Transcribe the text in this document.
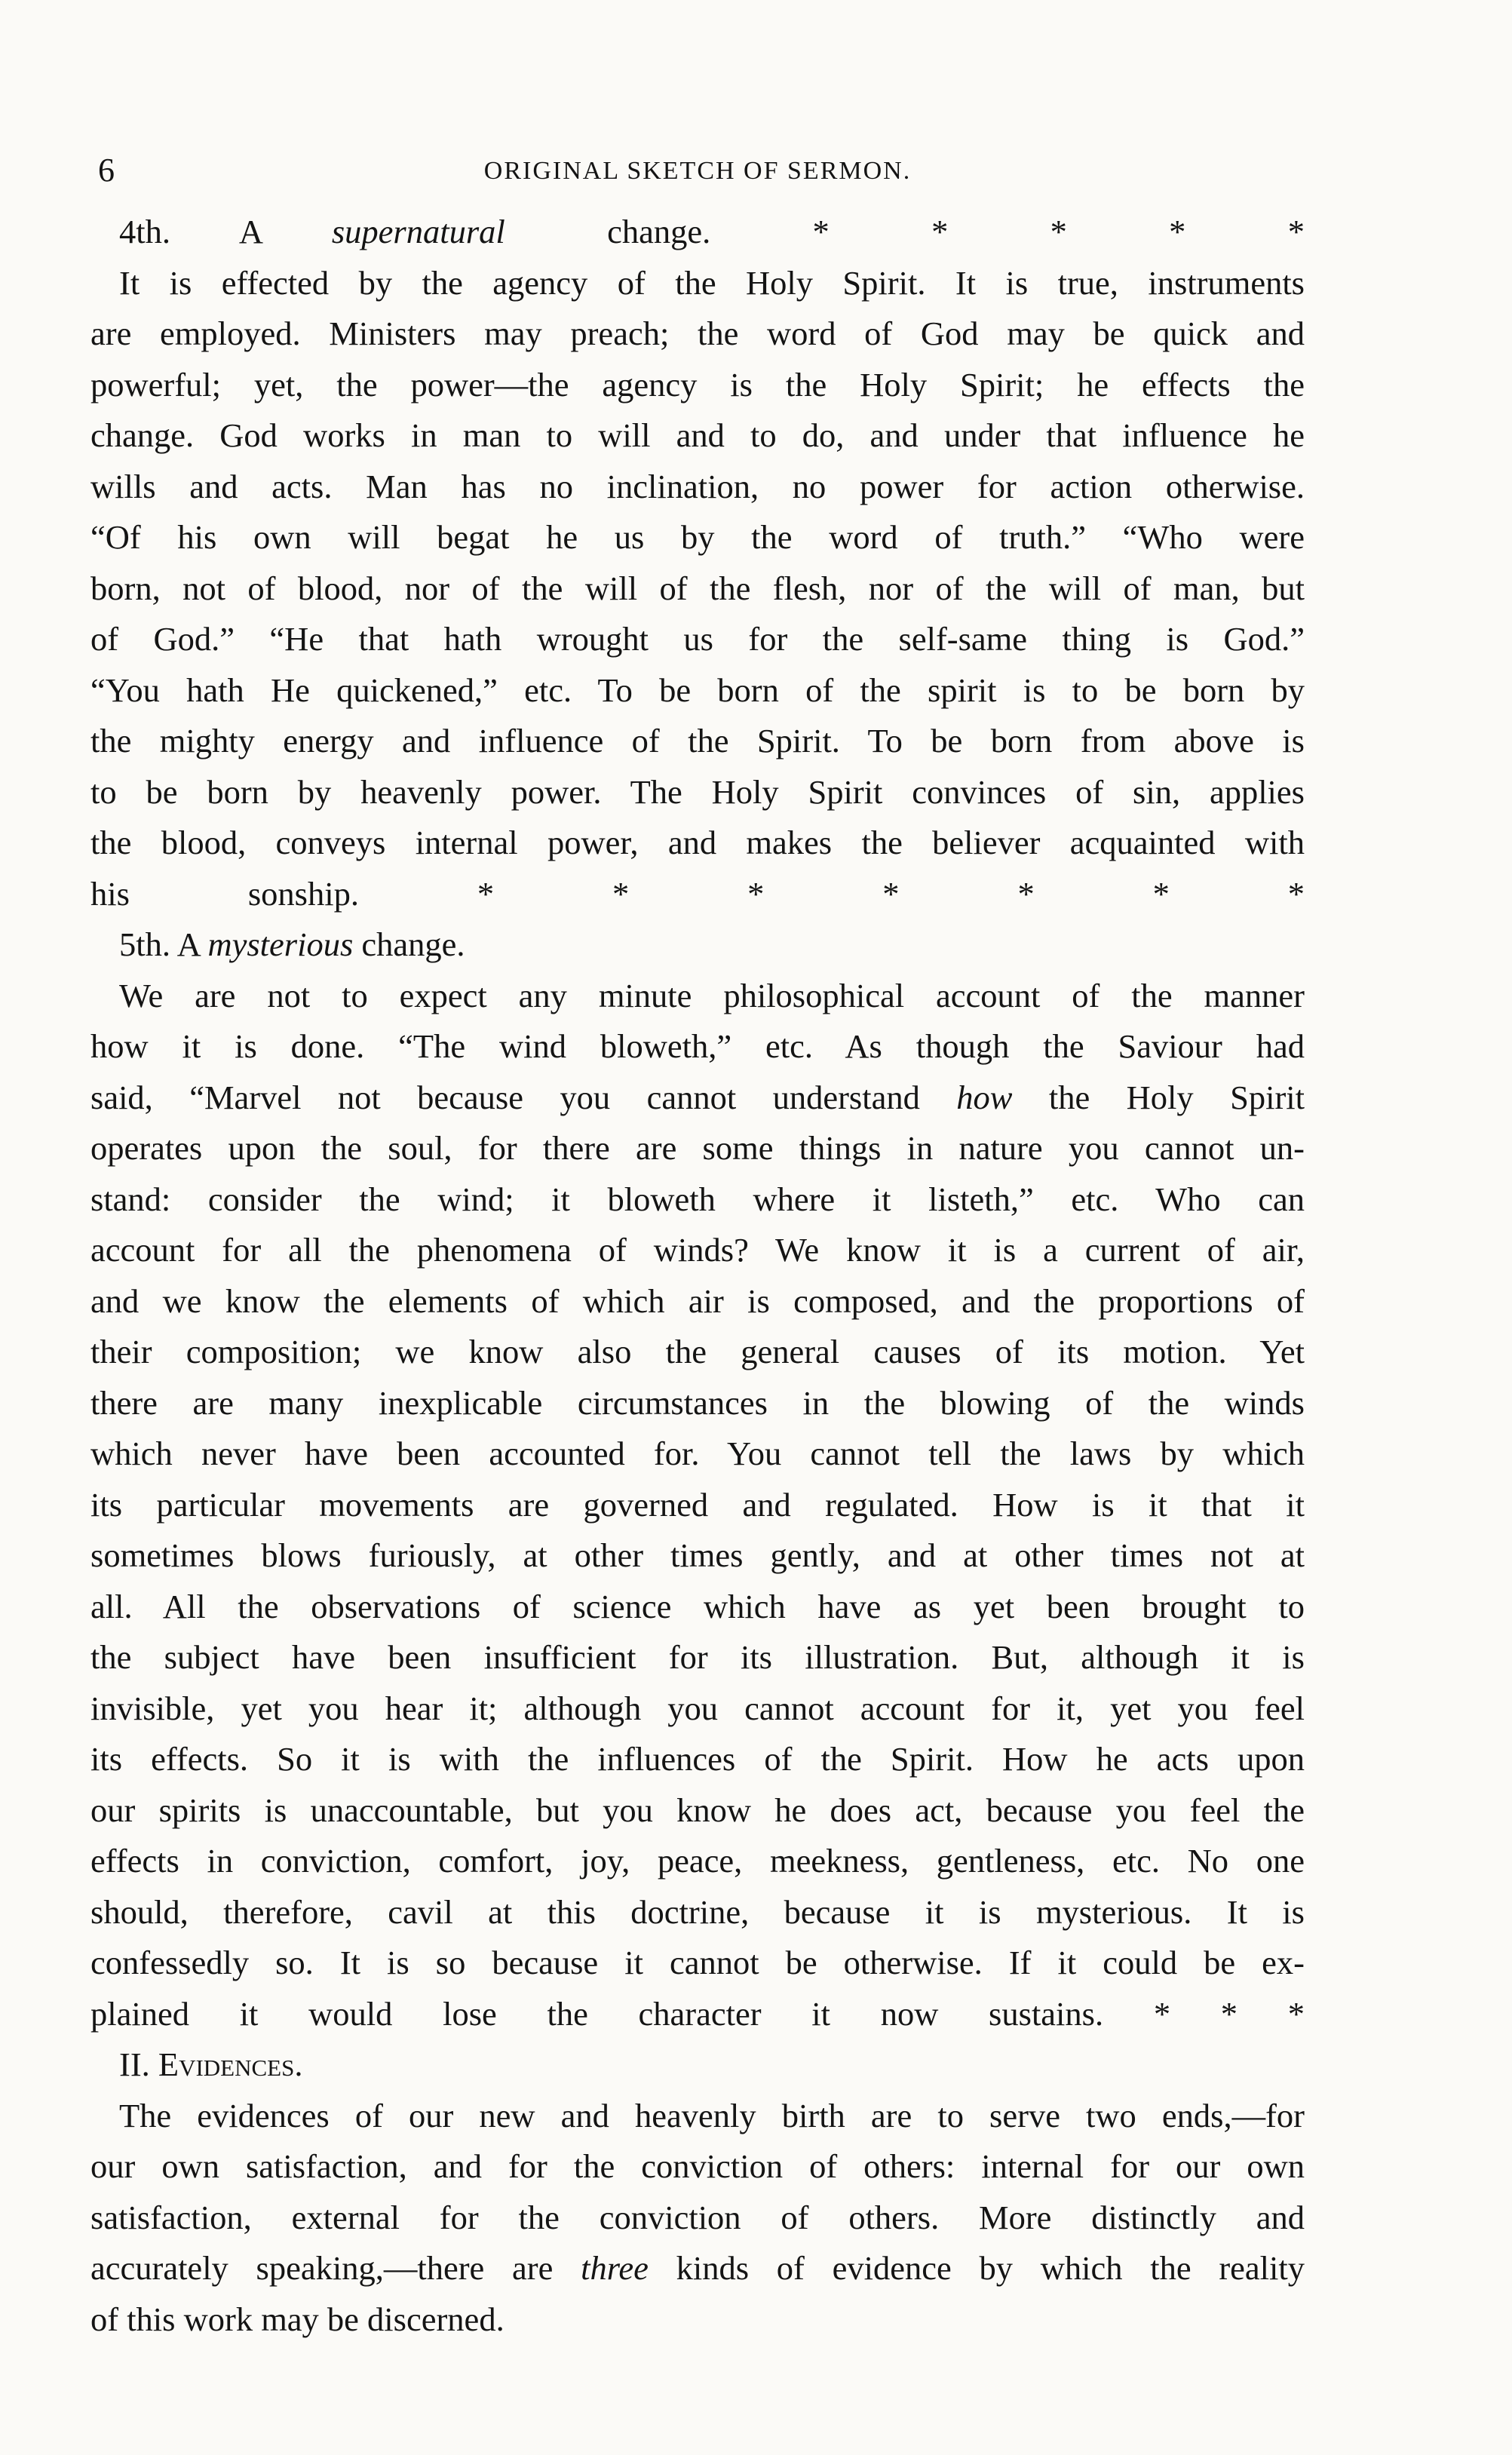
6	ORIGINAL SKETCH OF SERMON.
4th. A supernatural change. * * * * *
It is effected by the agency of the Holy Spirit. It is true, instruments
are employed. Ministers may preach; the word of God may be quick and
powerful; yet, the power—the agency is the Holy Spirit; he effects the
change. God works in man to will and to do, and under that influence he
wills and acts. Man has no inclination, no power for action otherwise.
“Of his own will begat he us by the word of truth.” “Who were
born, not of blood, nor of the will of the flesh, nor of the will of man, but
of God.” “He that hath wrought us for the self-same thing is God.”
“You hath He quickened,” etc. To be born of the spirit is to be born by
the mighty energy and influence of the Spirit. To be born from above is
to be born by heavenly power. The Holy Spirit convinces of sin, applies
the blood, conveys internal power, and makes the believer acquainted with
his sonship. * * * * * * *
5th. A mysterious change.
We are not to expect any minute philosophical account of the manner
how it is done. “The wind bloweth,” etc. As though the Saviour had
said, “Marvel not because you cannot understand how the Holy Spirit
operates upon the soul, for there are some things in nature you cannot un-
stand: consider the wind; it bloweth where it listeth,” etc. Who can
account for all the phenomena of winds? We know it is a current of air,
and we know the elements of which air is composed, and the proportions of
their composition; we know also the general causes of its motion. Yet
there are many inexplicable circumstances in the blowing of the winds
which never have been accounted for. You cannot tell the laws by which
its particular movements are governed and regulated. How is it that it
sometimes blows furiously, at other times gently, and at other times not at
all. All the observations of science which have as yet been brought to
the subject have been insufficient for its illustration. But, although it is
invisible, yet you hear it; although you cannot account for it, yet you feel
its effects. So it is with the influences of the Spirit. How he acts upon
our spirits is unaccountable, but you know he does act, because you feel the
effects in conviction, comfort, joy, peace, meekness, gentleness, etc. No one
should, therefore, cavil at this doctrine, because it is mysterious. It is
confessedly so. It is so because it cannot be otherwise. If it could be ex-
plained it would lose the character it now sustains. * * *
II. Evidences.
The evidences of our new and heavenly birth are to serve two ends,—for
our own satisfaction, and for the conviction of others: internal for our own
satisfaction, external for the conviction of others. More distinctly and
accurately speaking,—there are three kinds of evidence by which the reality
of this work may be discerned.
